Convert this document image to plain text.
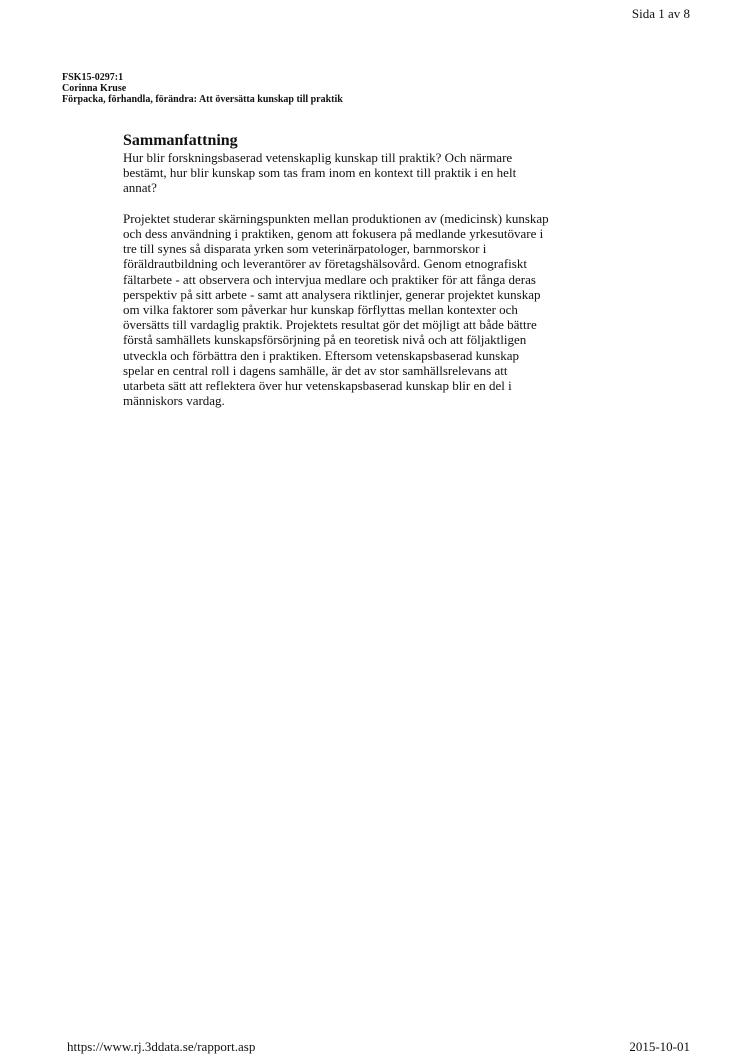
Sida 1 av 8
FSK15-0297:1
Corinna Kruse
Förpacka, förhandla, förändra: Att översätta kunskap till praktik
Sammanfattning

Hur blir forskningsbaserad vetenskaplig kunskap till praktik? Och närmare
bestämt, hur blir kunskap som tas fram inom en kontext till praktik i en helt
annat?

Projektet studerar skärningspunkten mellan produktionen av (medicinsk) kunskap
och dess användning i praktiken, genom att fokusera på medlande yrkesutövare i
tre till synes så disparata yrken som veterinärpatologer, barnmorskor i
föräldrautbildning och leverantörer av företagshälsovård. Genom etnografiskt
fältarbete - att observera och intervjua medlare och praktiker för att fånga deras
perspektiv på sitt arbete - samt att analysera riktlinjer, generar projektet kunskap
om vilka faktorer som påverkar hur kunskap förflyttas mellan kontexter och
översätts till vardaglig praktik. Projektets resultat gör det möjligt att både bättre
förstå samhällets kunskapsförsörjning på en teoretisk nivå och att följaktligen
utveckla och förbättra den i praktiken. Eftersom vetenskapsbaserad kunskap
spelar en central roll i dagens samhälle, är det av stor samhällsrelevans att
utarbeta sätt att reflektera över hur vetenskapsbaserad kunskap blir en del i
människors vardag.

https://www.rj.3ddata.se/rapport.asp	2015-10-01
